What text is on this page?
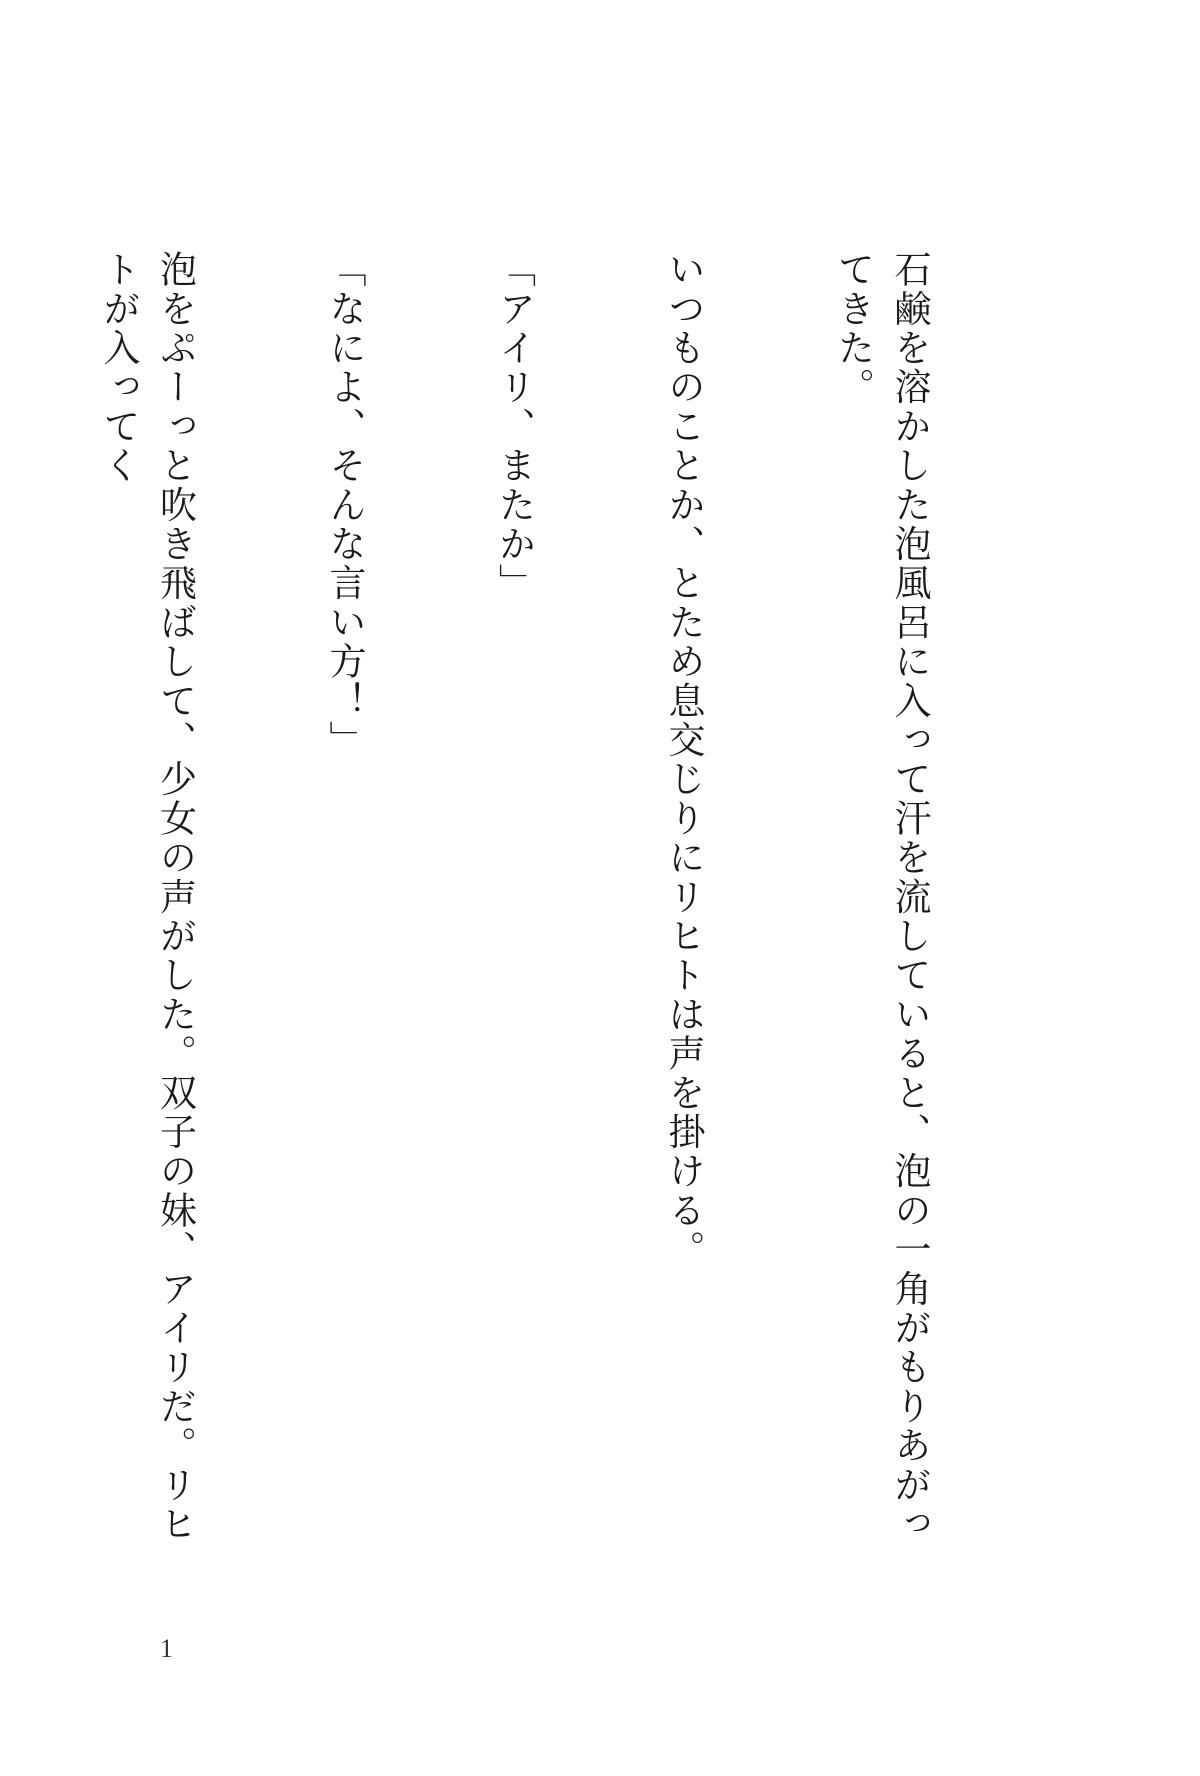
石鹸を溶かした泡風呂に入って汗を流していると、泡の一角がもりあがってきた。

いつものことか、とため息交じりにリヒトは声を掛ける。

「アイリ、またか」

「なによ、そんな言い方！」

泡をぷーっと吹き飛ばして、少女の声がした。双子の妹、アイリだ。リヒトが入ってく

1
